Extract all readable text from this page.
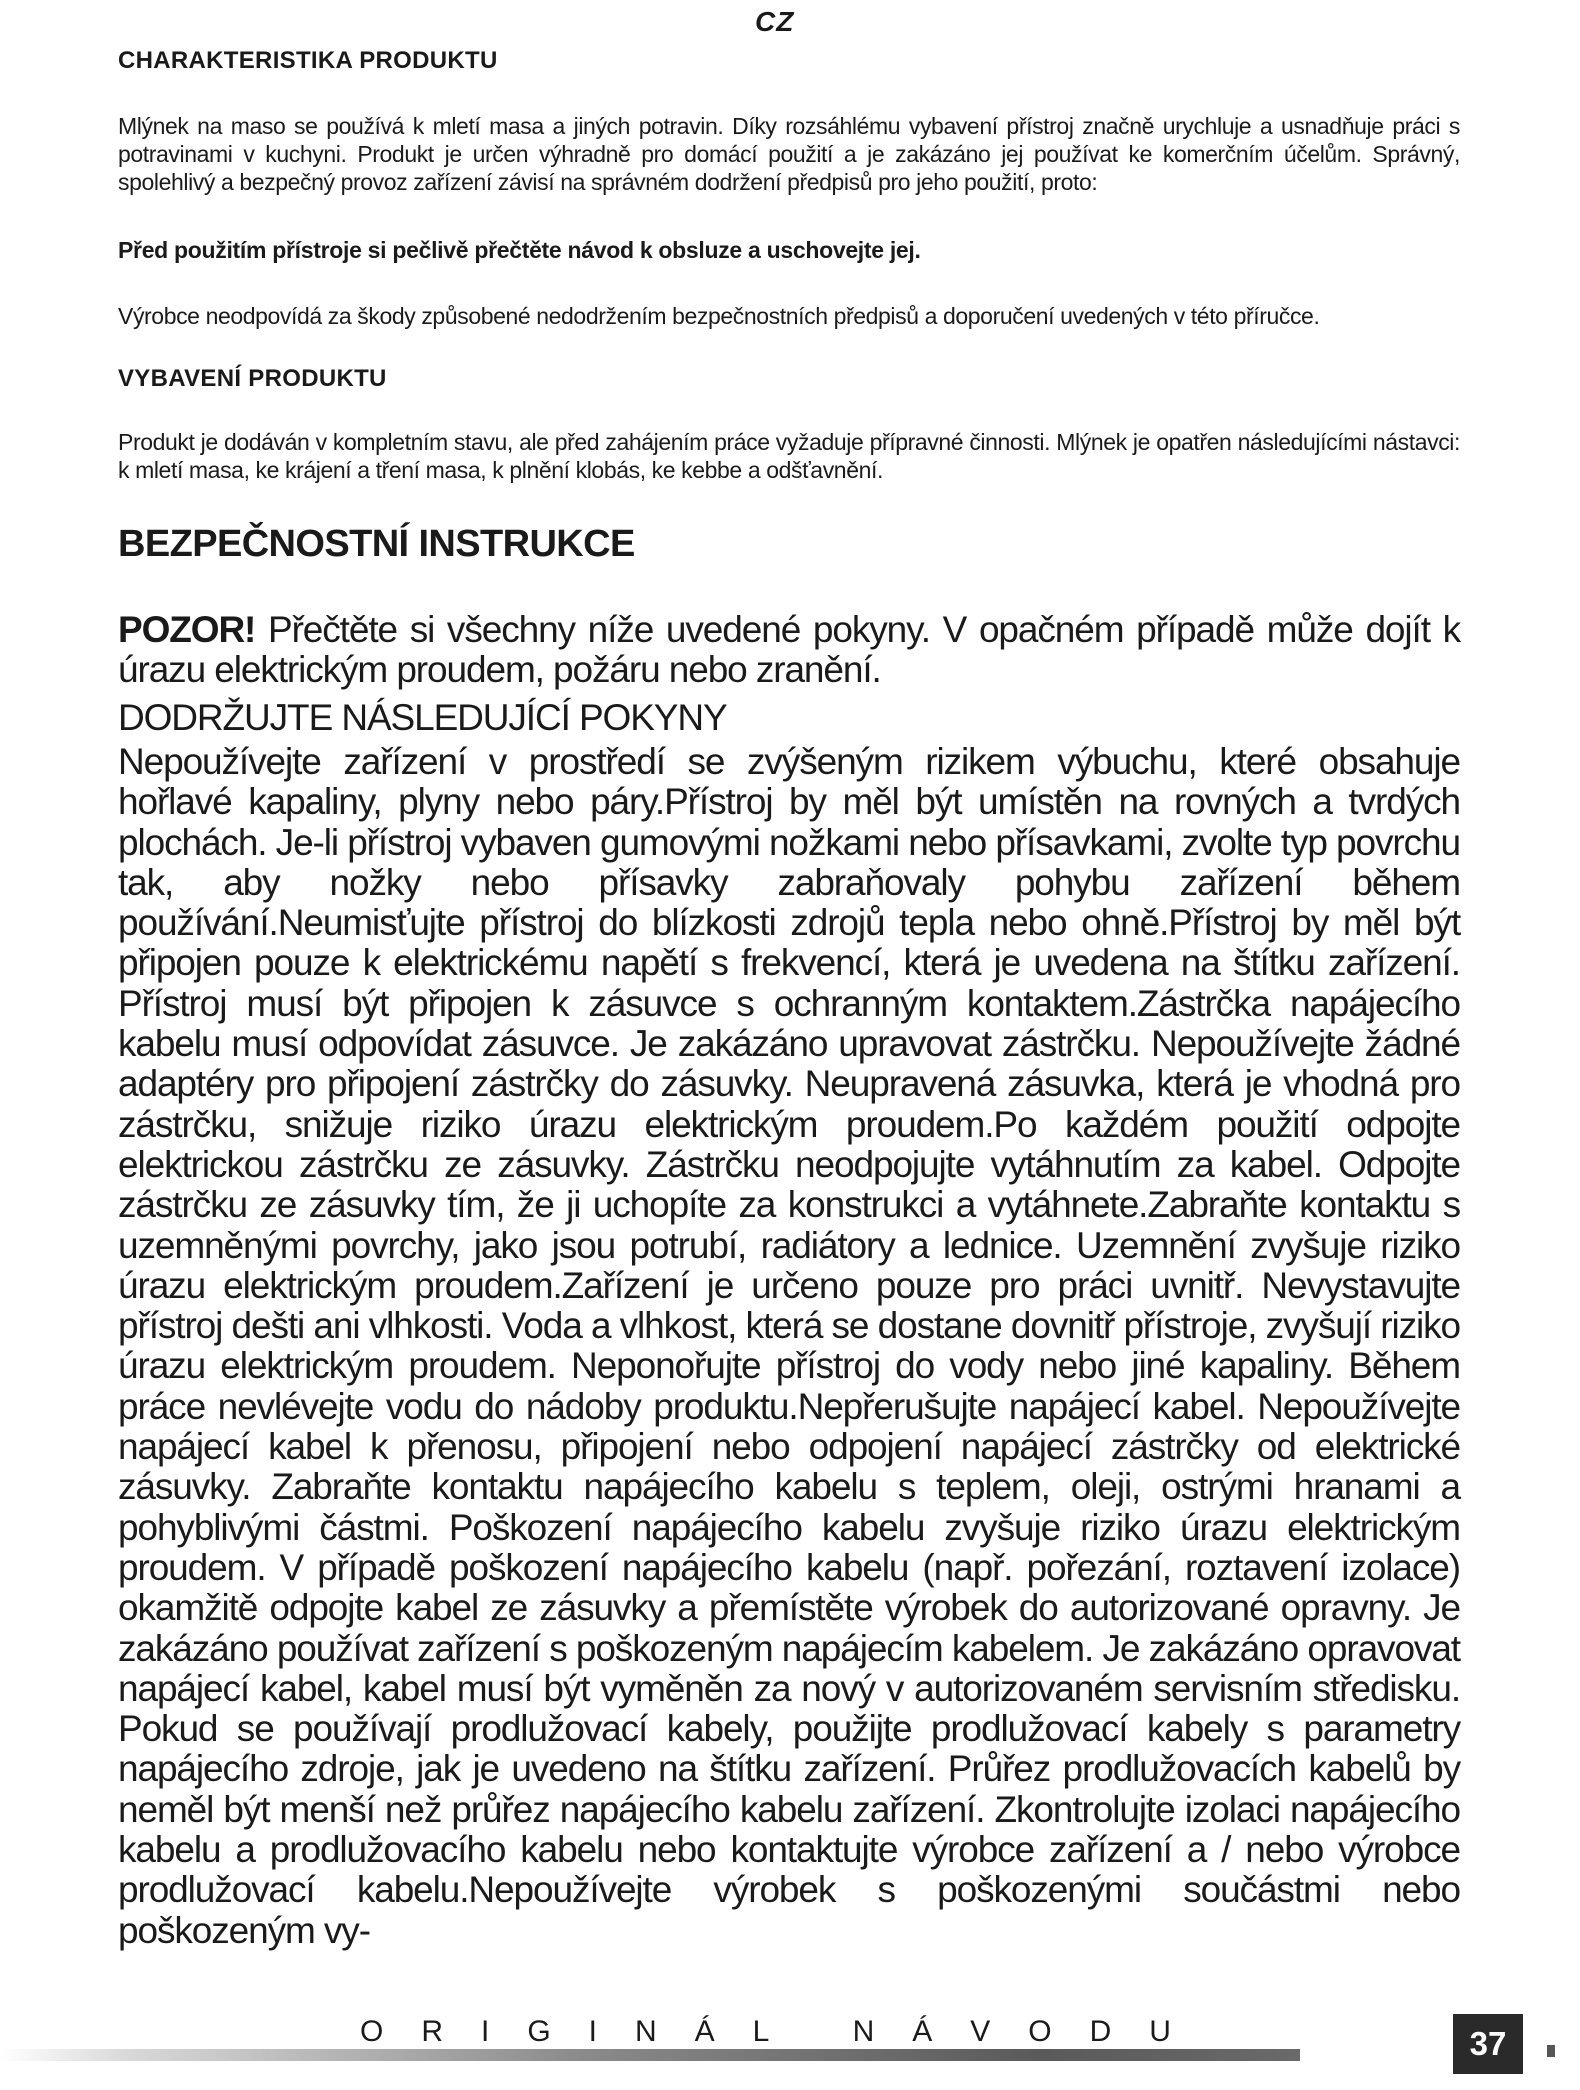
CZ
CHARAKTERISTIKA PRODUKTU
Mlýnek na maso se používá k mletí masa a jiných potravin. Díky rozsáhlému vybavení přístroj značně urychluje a usnadňuje práci s potravinami v kuchyni. Produkt je určen výhradně pro domácí použití a je zakázáno jej používat ke komerčním účelům. Správný, spolehlivý a bezpečný provoz zařízení závisí na správném dodržení předpisů pro jeho použití, proto:
Před použitím přístroje si pečlivě přečtěte návod k obsluze a uschovejte jej.
Výrobce neodpovídá za škody způsobené nedodržením bezpečnostních předpisů a doporučení uvedených v této příručce.
VYBAVENÍ PRODUKTU
Produkt je dodáván v kompletním stavu, ale před zahájením práce vyžaduje přípravné činnosti. Mlýnek je opatřen následujícími nástavci: k mletí masa, ke krájení a tření masa, k plnění klobás, ke kebbe a odšťavnění.
BEZPEČNOSTNÍ INSTRUKCE
POZOR! Přečtěte si všechny níže uvedené pokyny. V opačném případě může dojít k úrazu elektrickým proudem, požáru nebo zranění.
DODRŽUJTE NÁSLEDUJÍCÍ POKYNY
Nepoužívejte zařízení v prostředí se zvýšeným rizikem výbuchu, které obsahuje hořlavé kapaliny, plyny nebo páry.Přístroj by měl být umístěn na rovných a tvrdých plochách. Je-li přístroj vybaven gumovými nožkami nebo přísavkami, zvolte typ povrchu tak, aby nožky nebo přísavky zabraňovaly pohybu zařízení během používání.Neumisťujte přístroj do blízkosti zdrojů tepla nebo ohně.Přístroj by měl být připojen pouze k elektrickému napětí s frekvencí, která je uvedena na štítku zařízení. Přístroj musí být připojen k zásuvce s ochranným kontaktem.Zástrčka napájecího kabelu musí odpovídat zásuvce. Je zakázáno upravovat zástrčku. Nepoužívejte žádné adaptéry pro připojení zástrčky do zásuvky. Neupravená zásuvka, která je vhodná pro zástrčku, snižuje riziko úrazu elektrickým proudem.Po každém použití odpojte elektrickou zástrčku ze zásuvky. Zástrčku neodpojujte vytáhnutím za kabel. Odpojte zástrčku ze zásuvky tím, že ji uchopíte za konstrukci a vytáhnete.Zabraňte kontaktu s uzemněnými povrchy, jako jsou potrubí, radiátory a lednice. Uzemnění zvyšuje riziko úrazu elektrickým proudem.Zařízení je určeno pouze pro práci uvnitř. Nevystavujte přístroj dešti ani vlhkosti. Voda a vlhkost, která se dostane dovnitř přístroje, zvyšují riziko úrazu elektrickým proudem. Neponořujte přístroj do vody nebo jiné kapaliny. Během práce nevlévejte vodu do nádoby produktu.Nepřerušujte napájecí kabel. Nepoužívejte napájecí kabel k přenosu, připojení nebo odpojení napájecí zástrčky od elektrické zásuvky. Zabraňte kontaktu napájecího kabelu s teplem, oleji, ostrými hranami a pohyblivými částmi. Poškození napájecího kabelu zvyšuje riziko úrazu elektrickým proudem. V případě poškození napájecího kabelu (např. pořezání, roztavení izolace) okamžitě odpojte kabel ze zásuvky a přemístěte výrobek do autorizované opravny. Je zakázáno používat zařízení s poškozeným napájecím kabelem. Je zakázáno opravovat napájecí kabel, kabel musí být vyměněn za nový v autorizovaném servisním středisku. Pokud se používají prodlužovací kabely, použijte prodlužovací kabely s parametry napájecího zdroje, jak je uvedeno na štítku zařízení. Průřez prodlužovacích kabelů by neměl být menší než průřez napájecího kabelu zařízení. Zkontrolujte izolaci napájecího kabelu a prodlužovacího kabelu nebo kontaktujte výrobce zařízení a / nebo výrobce prodlužovací kabelu.Nepoužívejte výrobek s poškozenými součástmi nebo poškozeným vy-
ORIGINÁL NÁVODU	37
